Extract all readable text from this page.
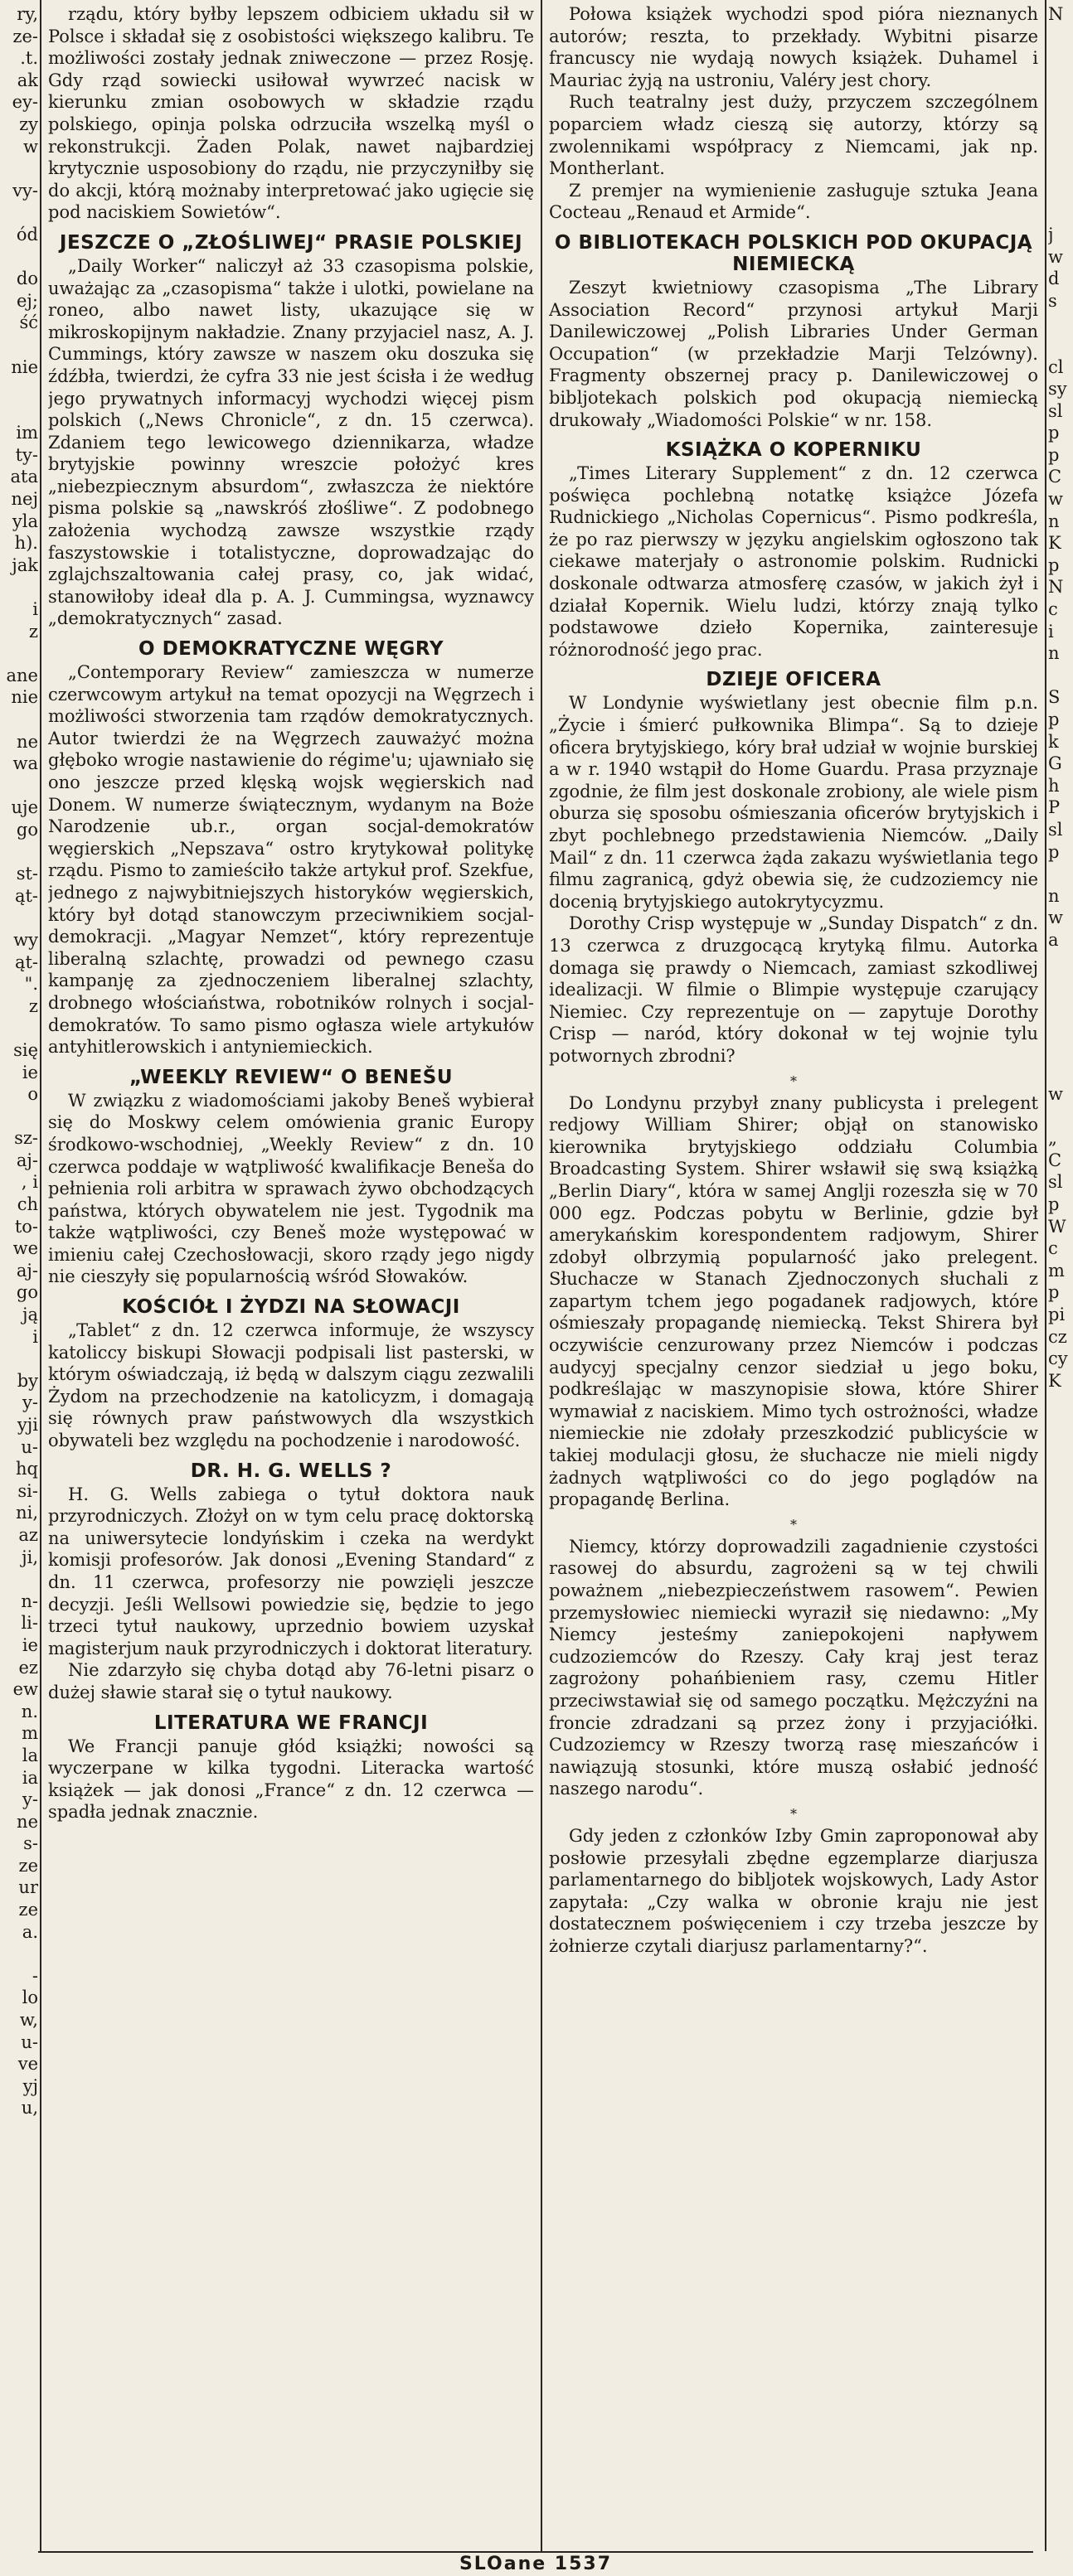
ry,
ze-
.t.
ak
ey-
zy
w

vy-

ód

do
ej;
ść

nie

im
ty-
ata
nej
yla
h).
jak

i
z

ane
nie

ne
wa

uje
go

st-
ąt-

wy
ąt-
".
z

się
ie
o

sz-
aj-
, i
ch
to-
we
aj-
go
ją
i

by
y-
yji
u-
hq
si-
ni,
az
ji,

n-
li-
ie
ez
ew
n.
m
la
ia
y-
ne
s-
ze
ur
ze
a.

-
lo
w,
u-
ve
yj
u,

rządu, który byłby lepszem odbiciem układu sił w Polsce i składał się z osobistości większego kalibru. Te możliwości zostały jednak zniweczone — przez Rosję. Gdy rząd sowiecki usiłował wywrzeć nacisk w kierunku zmian osobowych w składzie rządu polskiego, opinja polska odrzuciła wszelką myśl o rekonstrukcji. Żaden Polak, nawet najbardziej krytycznie usposobiony do rządu, nie przyczyniłby się do akcji, którą możnaby interpretować jako ugięcie się pod naciskiem Sowietów“.

JESZCZE O „ZŁOŚLIWEJ“ PRASIE POLSKIEJ

„Daily Worker“ naliczył aż 33 czasopisma polskie, uważając za „czasopisma“ także i ulotki, powielane na roneo, albo nawet listy, ukazujące się w mikroskopijnym nakładzie. Znany przyjaciel nasz, A. J. Cummings, który zawsze w naszem oku doszuka się źdźbła, twierdzi, że cyfra 33 nie jest ścisła i że według jego prywatnych informacyj wychodzi więcej pism polskich („News Chronicle“, z dn. 15 czerwca). Zdaniem tego lewicowego dziennikarza, władze brytyjskie powinny wreszcie położyć kres „niebezpiecznym absurdom“, zwłaszcza że niektóre pisma polskie są „nawskróś złośliwe“. Z podobnego założenia wychodzą zawsze wszystkie rządy faszystowskie i totalistyczne, doprowadzając do zglajchszaltowania całej prasy, co, jak widać, stanowiłoby ideał dla p. A. J. Cummingsa, wyznawcy „demokratycznych“ zasad.

O DEMOKRATYCZNE WĘGRY

„Contemporary Review“ zamieszcza w numerze czerwcowym artykuł na temat opozycji na Węgrzech i możliwości stworzenia tam rządów demokratycznych. Autor twierdzi że na Węgrzech zauważyć można głęboko wrogie nastawienie do régime'u; ujawniało się ono jeszcze przed klęską wojsk węgierskich nad Donem. W numerze świątecznym, wydanym na Boże Narodzenie ub.r., organ socjal-demokratów węgierskich „Nepszava“ ostro krytykował politykę rządu. Pismo to zamieściło także artykuł prof. Szekfue, jednego z najwybitniejszych historyków węgierskich, który był dotąd stanowczym przeciwnikiem socjal-demokracji. „Magyar Nemzet“, który reprezentuje liberalną szlachtę, prowadzi od pewnego czasu kampanję za zjednoczeniem liberalnej szlachty, drobnego włościaństwa, robotników rolnych i socjal-demokratów. To samo pismo ogłasza wiele artykułów antyhitlerowskich i antyniemieckich.

„WEEKLY REVIEW“ O BENEŠU

W związku z wiadomościami jakoby Beneš wybierał się do Moskwy celem omówienia granic Europy środkowo-wschodniej, „Weekly Review“ z dn. 10 czerwca poddaje w wątpliwość kwalifikacje Beneša do pełnienia roli arbitra w sprawach żywo obchodzących państwa, których obywatelem nie jest. Tygodnik ma także wątpliwości, czy Beneš może występować w imieniu całej Czechosłowacji, skoro rządy jego nigdy nie cieszyły się popularnością wśród Słowaków.

KOŚCIÓŁ I ŻYDZI NA SŁOWACJI

„Tablet“ z dn. 12 czerwca informuje, że wszyscy katoliccy biskupi Słowacji podpisali list pasterski, w którym oświadczają, iż będą w dalszym ciągu zezwalili Żydom na przechodzenie na katolicyzm, i domagają się równych praw państwowych dla wszystkich obywateli bez względu na pochodzenie i narodowość.

DR. H. G. WELLS ?

H. G. Wells zabiega o tytuł doktora nauk przyrodniczych. Złożył on w tym celu pracę doktorską na uniwersytecie londyńskim i czeka na werdykt komisji profesorów. Jak donosi „Evening Standard“ z dn. 11 czerwca, profesorzy nie powzięli jeszcze decyzji. Jeśli Wellsowi powiedzie się, będzie to jego trzeci tytuł naukowy, uprzednio bowiem uzyskał magisterjum nauk przyrodniczych i doktorat literatury.

Nie zdarzyło się chyba dotąd aby 76-letni pisarz o dużej sławie starał się o tytuł naukowy.

LITERATURA WE FRANCJI

We Francji panuje głód książki; nowości są wyczerpane w kilka tygodni. Literacka wartość książek — jak donosi „France“ z dn. 12 czerwca — spadła jednak znacznie.

Połowa książek wychodzi spod pióra nieznanych autorów; reszta, to przekłady. Wybitni pisarze francuscy nie wydają nowych książek. Duhamel i Mauriac żyją na ustroniu, Valéry jest chory.

Ruch teatralny jest duży, przyczem szczególnem poparciem władz cieszą się autorzy, którzy są zwolennikami współpracy z Niemcami, jak np. Montherlant.

Z premjer na wymienienie zasługuje sztuka Jeana Cocteau „Renaud et Armide“.

O BIBLIOTEKACH POLSKICH POD OKUPACJĄ NIEMIECKĄ

Zeszyt kwietniowy czasopisma „The Library Association Record“ przynosi artykuł Marji Danilewiczowej „Polish Libraries Under German Occupation“ (w przekładzie Marji Telzówny). Fragmenty obszernej pracy p. Danilewiczowej o bibljotekach polskich pod okupacją niemiecką drukowały „Wiadomości Polskie“ w nr. 158.

KSIĄŻKA O KOPERNIKU

„Times Literary Supplement“ z dn. 12 czerwca poświęca pochlebną notatkę książce Józefa Rudnickiego „Nicholas Copernicus“. Pismo podkreśla, że po raz pierwszy w języku angielskim ogłoszono tak ciekawe materjały o astronomie polskim. Rudnicki doskonale odtwarza atmosferę czasów, w jakich żył i działał Kopernik. Wielu ludzi, którzy znają tylko podstawowe dzieło Kopernika, zainteresuje różnorodność jego prac.

DZIEJE OFICERA

W Londynie wyświetlany jest obecnie film p.n. „Życie i śmierć pułkownika Blimpa“. Są to dzieje oficera brytyjskiego, kóry brał udział w wojnie burskiej a w r. 1940 wstąpił do Home Guardu. Prasa przyznaje zgodnie, że film jest doskonale zrobiony, ale wiele pism oburza się sposobu ośmieszania oficerów brytyjskich i zbyt pochlebnego przedstawienia Niemców. „Daily Mail“ z dn. 11 czerwca żąda zakazu wyświetlania tego filmu zagranicą, gdyż obewia się, że cudzoziemcy nie docenią brytyjskiego autokrytycyzmu.

Dorothy Crisp występuje w „Sunday Dispatch“ z dn. 13 czerwca z druzgocącą krytyką filmu. Autorka domaga się prawdy o Niemcach, zamiast szkodliwej idealizacji. W filmie o Blimpie występuje czarujący Niemiec. Czy reprezentuje on — zapytuje Dorothy Crisp — naród, który dokonał w tej wojnie tylu potwornych zbrodni?

*

Do Londynu przybył znany publicysta i prelegent redjowy William Shirer; objął on stanowisko kierownika brytyjskiego oddziału Columbia Broadcasting System. Shirer wsławił się swą książką „Berlin Diary“, która w samej Anglji rozeszła się w 70 000 egz. Podczas pobytu w Berlinie, gdzie był amerykańskim korespondentem radjowym, Shirer zdobył olbrzymią popularność jako prelegent. Słuchacze w Stanach Zjednoczonych słuchali z zapartym tchem jego pogadanek radjowych, które ośmieszały propagandę niemiecką. Tekst Shirera był oczywiście cenzurowany przez Niemców i podczas audycyj specjalny cenzor siedział u jego boku, podkreślając w maszynopisie słowa, które Shirer wymawiał z naciskiem. Mimo tych ostrożności, władze niemieckie nie zdołały przeszkodzić publicyście w takiej modulacji głosu, że słuchacze nie mieli nigdy żadnych wątpliwości co do jego poglądów na propagandę Berlina.

*

Niemcy, którzy doprowadzili zagadnienie czystości rasowej do absurdu, zagrożeni są w tej chwili poważnem „niebezpieczeństwem rasowem“. Pewien przemysłowiec niemiecki wyraził się niedawno: „My Niemcy jesteśmy zaniepokojeni napływem cudzoziemców do Rzeszy. Cały kraj jest teraz zagrożony pohańbieniem rasy, czemu Hitler przeciwstawiał się od samego początku. Mężczyźni na froncie zdradzani są przez żony i przyjaciółki. Cudzoziemcy w Rzeszy tworzą rasę mieszańców i nawiązują stosunki, które muszą osłabić jedność naszego narodu“.

*

Gdy jeden z członków Izby Gmin zaproponował aby posłowie przesyłali zbędne egzemplarze diarjusza parlamentarnego do bibljotek wojskowych, Lady Astor zapytała: „Czy walka w obronie kraju nie jest dostatecznem poświęceniem i czy trzeba jeszcze by żołnierze czytali diarjusz parlamentarny?“.

N

j
w
d
s

cl
sy
sl
p
p
C
w
n
K
p
N
c
i
n

S
p
k
G
h
P
sl
p

n
w
a

w

„
C
sl
p
W
c
m
p
pi
cz
cy
K
SLOane 1537
